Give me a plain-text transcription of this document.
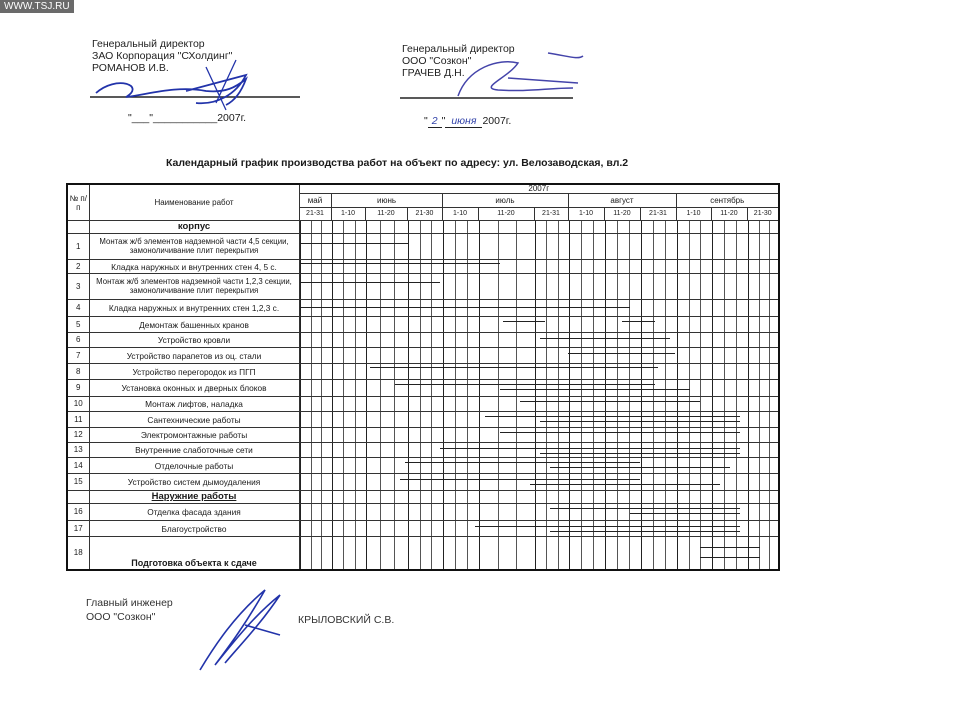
WWW.TSJ.RU
Генеральный директор
ЗАО Корпорация "СХолдинг"
РОМАНОВ И.В.
"___"___________2007г.
Генеральный директор
ООО "Созкон"
ГРАЧЕВ Д.Н.
" 2 " июня 2007г.
Календарный график производства работ на объект по адресу: ул. Велозаводская, вл.2
№ п/п	Наименование работ	2007г												
		май	июнь			июль			август			сентябрь		
		21-31	1-10	11-20	21-30	1-10	11-20	21-31	1-10	11-20	21-31	1-10	11-20	21-30
	корпус													

1	Монтаж ж/б элементов надземной части 4,5 секции, замоноличивание плит перекрытия													

2	Кладка наружных и внутренних стен 4, 5 с.													

3	Монтаж ж/б элементов надземной части 1,2,3 секции, замоноличивание плит перекрытия													

4	Кладка наружных и внутренних стен 1,2,3 с.													

5	Демонтаж башенных кранов													

6	Устройство кровли													

7	Устройство парапетов из оц. стали													

8	Устройство перегородок из ПГП													

9	Установка оконных и дверных блоков													

10	Монтаж лифтов, наладка													

11	Сантехнические работы													

12	Электромонтажные работы													

13	Внутренние слаботочные сети													

14	Отделочные работы													

15	Устройство систем дымоудаления													

	Наружние работы													

16	Отделка фасада здания													

17	Благоустройство													

18	Подготовка объекта к сдаче													
Главный инженер
ООО "Созкон"	КРЫЛОВСКИЙ С.В.
